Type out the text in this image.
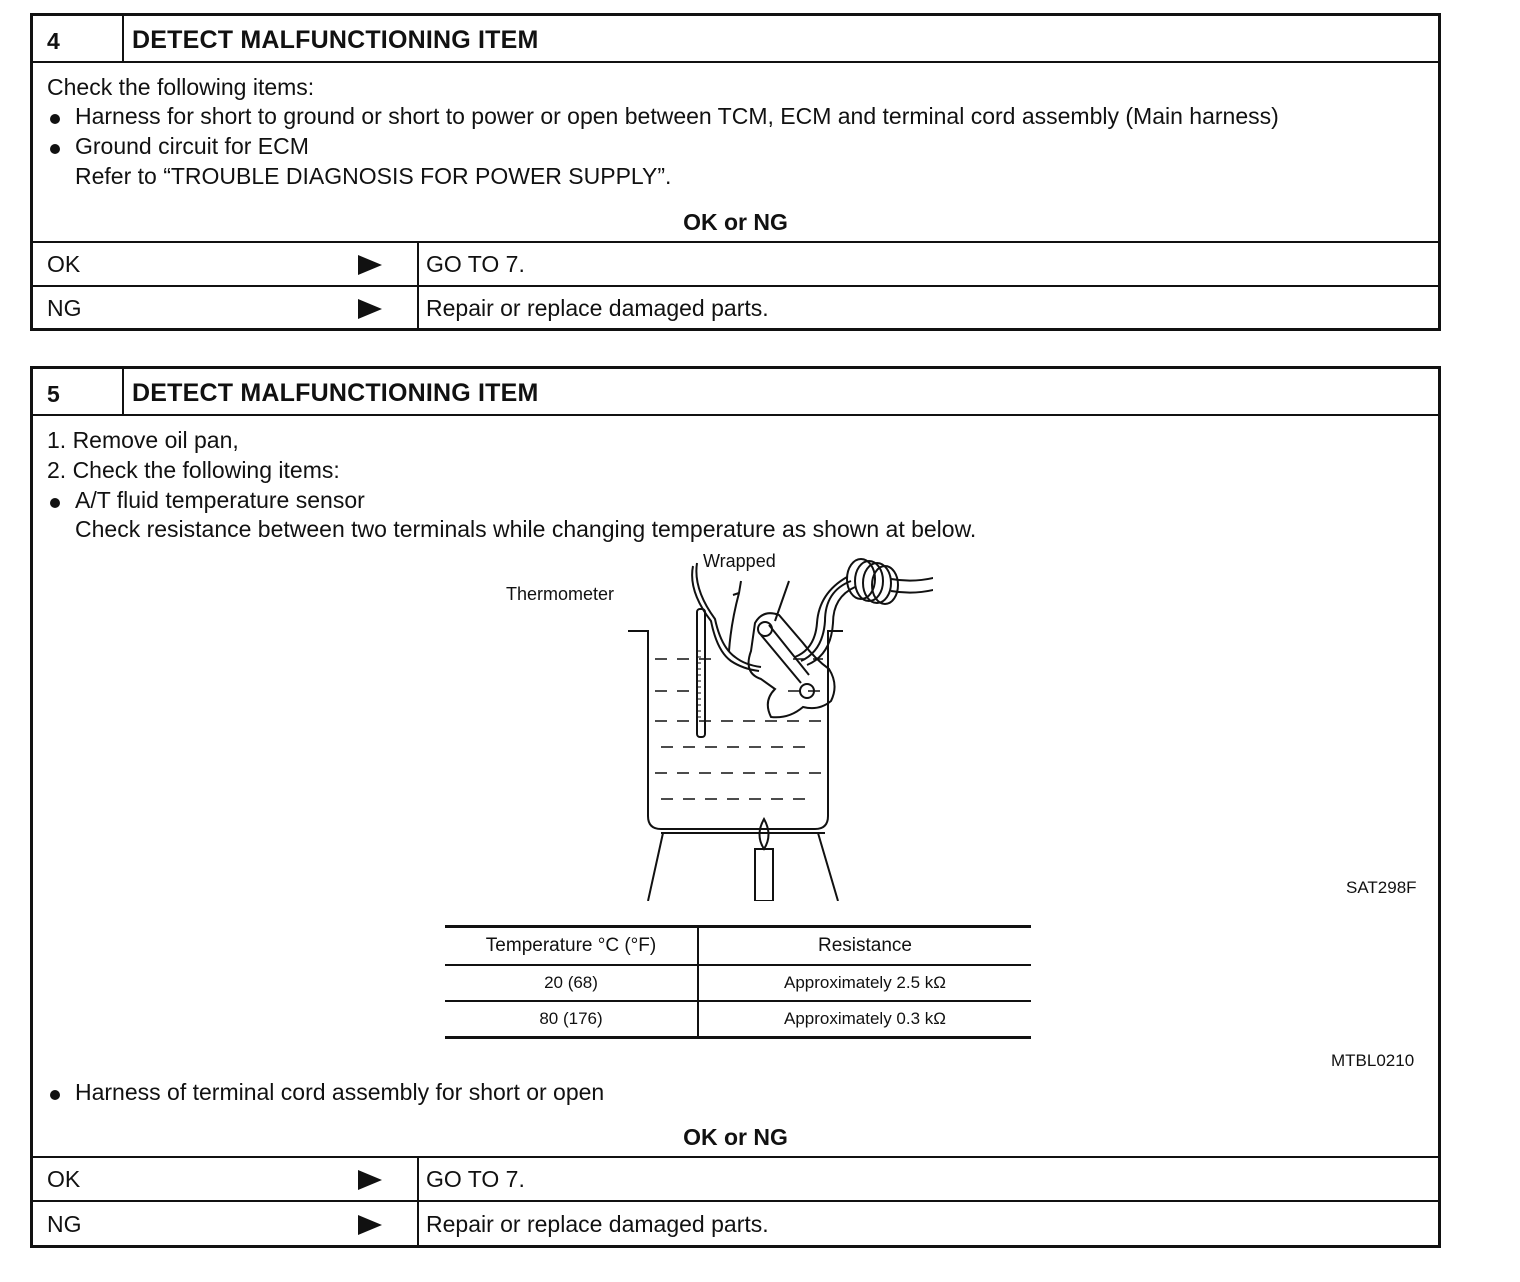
4	DETECT MALFUNCTIONING ITEM
Check the following items:
Harness for short to ground or short to power or open between TCM, ECM and terminal cord assembly (Main harness)
Ground circuit for ECM
Refer to “TROUBLE DIAGNOSIS FOR POWER SUPPLY”.
OK or NG
OK	GO TO 7.
NG	Repair or replace damaged parts.
5	DETECT MALFUNCTIONING ITEM
1. Remove oil pan,
2. Check the following items:
A/T fluid temperature sensor
Check resistance between two terminals while changing temperature as shown at below.
Wrapped
Thermometer
SAT298F
Temperature °C (°F)	Resistance
20 (68)	Approximately 2.5 kΩ
80 (176)	Approximately 0.3 kΩ
MTBL0210
Harness of terminal cord assembly for short or open
OK or NG
OK	GO TO 7.
NG	Repair or replace damaged parts.
